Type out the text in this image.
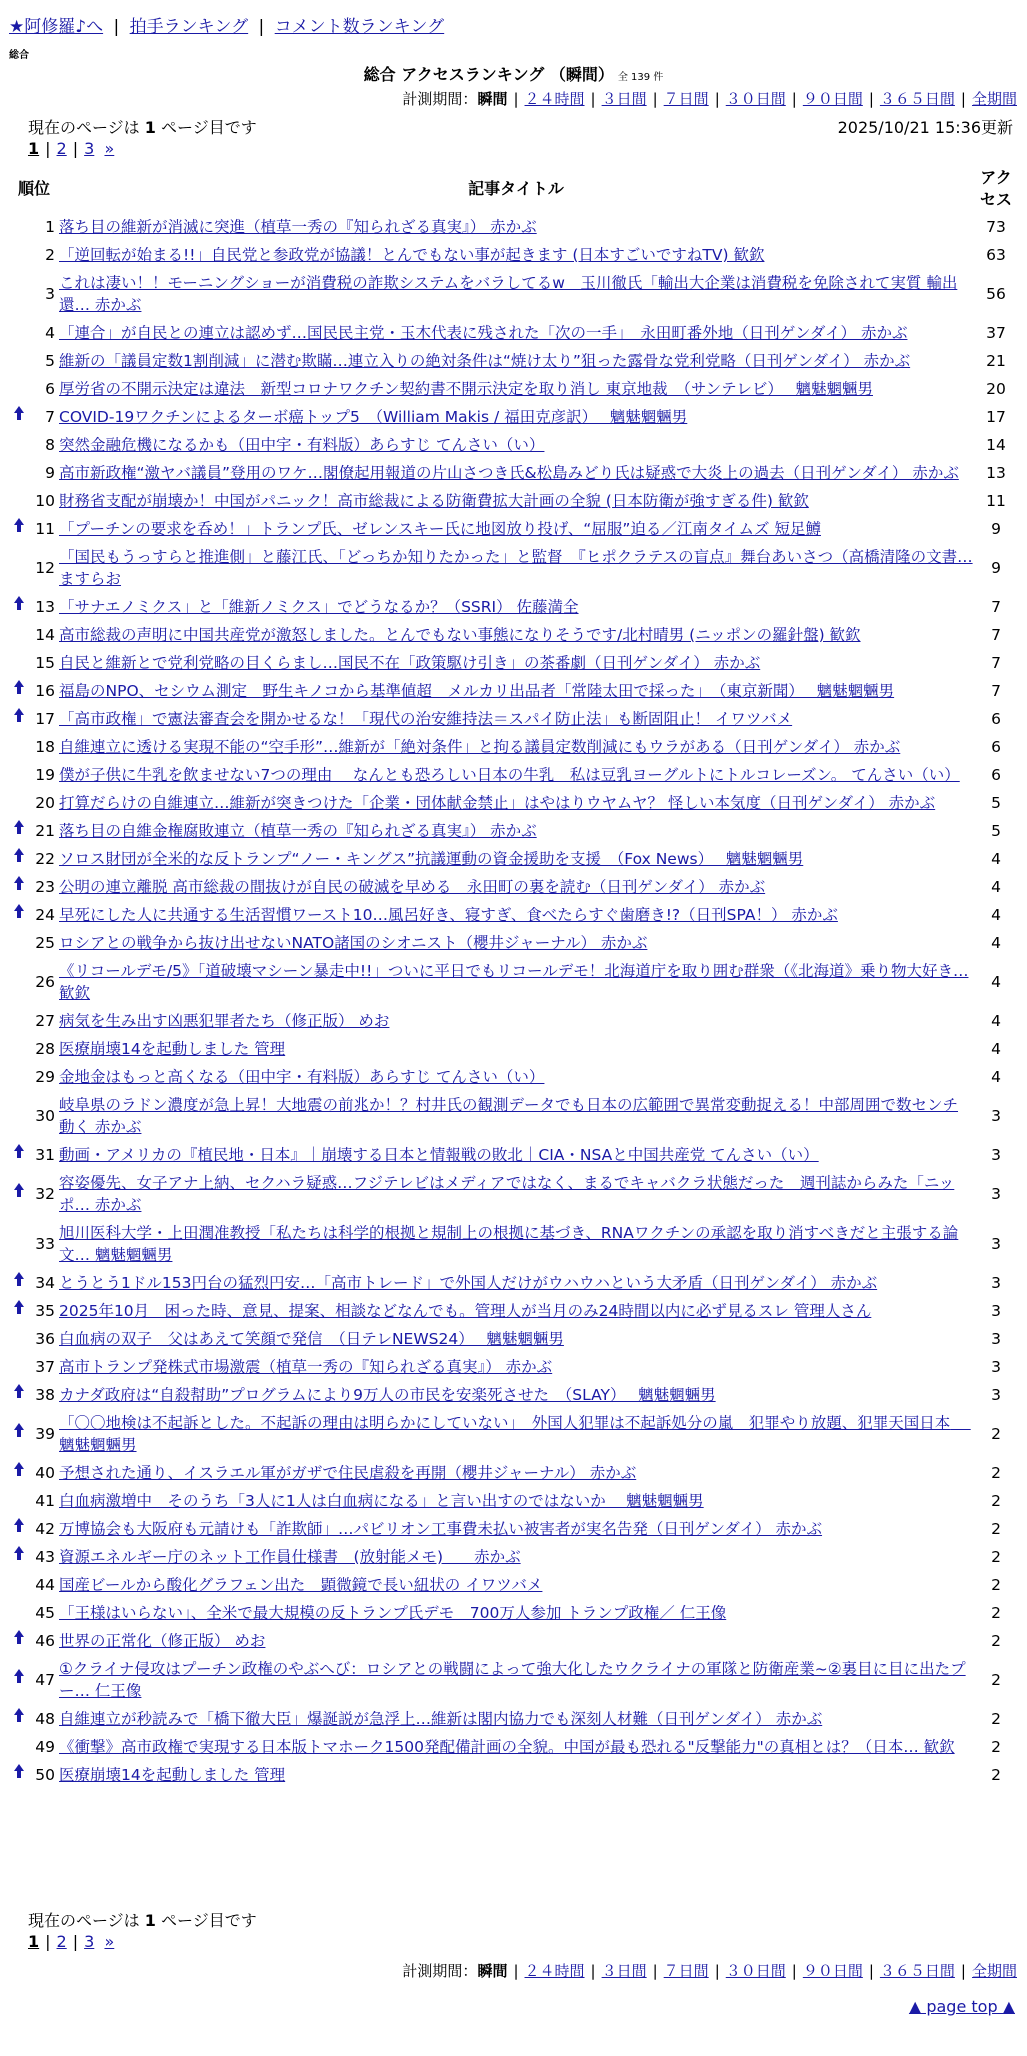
★阿修羅♪へ | 拍手ランキング | コメント数ランキング
総合
総合 アクセスランキング （瞬間） 全 139 件
計測期間：瞬間 | ２４時間 | ３日間 | ７日間 | ３０日間 | ９０日間 | ３６５日間 | 全期間
現在のページは 1 ページ目です	2025/10/21 15:36更新
1 | 2 | 3 »
順位		記事タイトル	アクセス
	1	落ち目の維新が消滅に突進（植草一秀の『知られざる真実』） 赤かぶ	73
	2	「逆回転が始まる!!」自民党と参政党が協議！とんでもない事が起きます (日本すごいですねTV) 歓欽	63
	3	これは凄い！！モーニングショーが消費税の詐欺システムをバラしてるw　玉川徹氏「輸出大企業は消費税を免除されて実質 輸出還… 赤かぶ	56
	4	「連合」が自民との連立は認めず…国民民主党・玉木代表に残された「次の一手」　永田町番外地（日刊ゲンダイ） 赤かぶ	37
	5	維新の「議員定数1割削減」に潜む欺瞞…連立入りの絶対条件は“焼け太り”狙った露骨な党利党略（日刊ゲンダイ） 赤かぶ	21
	6	厚労省の不開示決定は違法　新型コロナワクチン契約書不開示決定を取り消し 東京地裁　（サンテレビ）　 魑魅魍魎男	20
	7	COVID-19ワクチンによるターボ癌トップ5　（William Makis / 福田克彦訳）　 魑魅魍魎男	17
	8	突然金融危機になるかも（田中宇・有料版）あらすじ てんさい（い）	14
	9	高市新政権“激ヤバ議員”登用のワケ…閣僚起用報道の片山さつき氏&松島みどり氏は疑惑で大炎上の過去（日刊ゲンダイ） 赤かぶ	13
	10	財務省支配が崩壊か！中国がパニック！高市総裁による防衛費拡大計画の全貌 (日本防衛が強すぎる件) 歓欽	11
	11	「プーチンの要求を呑め！」トランプ氏、ゼレンスキー氏に地図放り投げ、“屈服”迫る／江南タイムズ 短足鱒	9
	12	「国民もうっすらと推進側」と藤江氏、「どっちか知りたかった」と監督　『ヒポクラテスの盲点』舞台あいさつ（高橋清隆の文書… ますらお	9
	13	「サナエノミクス」と「維新ノミクス」でどうなるか？（SSRI） 佐藤満全	7
	14	高市総裁の声明に中国共産党が激怒しました。とんでもない事態になりそうです/北村晴男 (ニッポンの羅針盤) 歓欽	7
	15	自民と維新とで党利党略の目くらまし…国民不在「政策駆け引き」の茶番劇（日刊ゲンダイ） 赤かぶ	7
	16	福島のNPO、セシウム測定　野生キノコから基準値超　メルカリ出品者「常陸太田で採った」　（東京新聞）　 魑魅魍魎男	7
	17	「高市政権」で憲法審査会を開かせるな！「現代の治安維持法＝スパイ防止法」も断固阻止！ イワツバメ	6
	18	自維連立に透ける実現不能の“空手形”…維新が「絶対条件」と拘る議員定数削減にもウラがある（日刊ゲンダイ） 赤かぶ	6
	19	僕が子供に牛乳を飲ませない7つの理由　 なんとも恐ろしい日本の牛乳　私は豆乳ヨーグルトにトルコレーズン。 てんさい（い）	6
	20	打算だらけの自維連立…維新が突きつけた「企業・団体献金禁止」はやはりウヤムヤ？ 怪しい本気度（日刊ゲンダイ） 赤かぶ	5
	21	落ち目の自維金権腐敗連立（植草一秀の『知られざる真実』） 赤かぶ	5
	22	ソロス財団が全米的な反トランプ“ノー・キングス”抗議運動の資金援助を支援　（Fox News）　 魑魅魍魎男	4
	23	公明の連立離脱 高市総裁の間抜けが自民の破滅を早める　永田町の裏を読む（日刊ゲンダイ） 赤かぶ	4
	24	早死にした人に共通する生活習慣ワースト10…風呂好き、寝すぎ、食べたらすぐ歯磨き!?（日刊SPA！） 赤かぶ	4
	25	ロシアとの戦争から抜け出せないNATO諸国のシオニスト（櫻井ジャーナル） 赤かぶ	4
	26	《リコールデモ/5》「道破壊マシーン暴走中!!」ついに平日でもリコールデモ！北海道庁を取り囲む群衆（《北海道》乗り物大好き… 歓欽	4
	27	病気を生み出す凶悪犯罪者たち（修正版） めお	4
	28	医療崩壊14を起動しました 管理	4
	29	金地金はもっと高くなる（田中宇・有料版）あらすじ てんさい（い）	4
	30	岐阜県のラドン濃度が急上昇！大地震の前兆か！？村井氏の観測データでも日本の広範囲で異常変動捉える！中部周囲で数センチ動く 赤かぶ	3
	31	動画・アメリカの『植民地・日本』｜崩壊する日本と情報戦の敗北｜CIA・NSAと中国共産党 てんさい（い）	3
	32	容姿優先、女子アナ上納、セクハラ疑惑…フジテレビはメディアではなく、まるでキャバクラ状態だった　週刊誌からみた「ニッポ… 赤かぶ	3
	33	旭川医科大学・上田潤准教授「私たちは科学的根拠と規制上の根拠に基づき、RNAワクチンの承認を取り消すべきだと主張する論文… 魑魅魍魎男	3
	34	とうとう1ドル153円台の猛烈円安…「高市トレード」で外国人だけがウハウハという大矛盾（日刊ゲンダイ） 赤かぶ	3
	35	2025年10月　困った時、意見、提案、相談などなんでも。管理人が当月のみ24時間以内に必ず見るスレ 管理人さん	3
	36	白血病の双子　父はあえて笑顔で発信　（日テレNEWS24）　 魑魅魍魎男	3
	37	高市トランプ発株式市場激震（植草一秀の『知られざる真実』） 赤かぶ	3
	38	カナダ政府は“自殺幇助”プログラムにより9万人の市民を安楽死させた　（SLAY）　 魑魅魍魎男	3
	39	「〇〇地検は不起訴とした。不起訴の理由は明らかにしていない」　外国人犯罪は不起訴処分の嵐　犯罪やり放題、犯罪天国日本　 魑魅魍魎男	2
	40	予想された通り、イスラエル軍がガザで住民虐殺を再開（櫻井ジャーナル） 赤かぶ	2
	41	白血病激増中　そのうち「3人に1人は白血病になる」と言い出すのではないか　 魑魅魍魎男	2
	42	万博協会も大阪府も元請けも「詐欺師」…パビリオン工事費未払い被害者が実名告発（日刊ゲンダイ） 赤かぶ	2
	43	資源エネルギー庁のネット工作員仕様書　(放射能メモ)　　赤かぶ	2
	44	国産ビールから酸化グラフェン出た　顕微鏡で長い紐状の イワツバメ	2
	45	「王様はいらない」、全米で最大規模の反トランプ氏デモ　700万人参加 トランプ政権／ 仁王像	2
	46	世界の正常化（修正版） めお	2
	47	①クライナ侵攻はプーチン政権のやぶへび：ロシアとの戦闘によって強大化したウクライナの軍隊と防衛産業~②裏目に目に出たプー… 仁王像	2
	48	自維連立が秒読みで「橋下徹大臣」爆誕説が急浮上…維新は閣内協力でも深刻人材難（日刊ゲンダイ） 赤かぶ	2
	49	《衝撃》高市政権で実現する日本版トマホーク1500発配備計画の全貌。中国が最も恐れる"反撃能力"の真相とは？（日本… 歓欽	2
	50	医療崩壊14を起動しました 管理	2
現在のページは 1 ページ目です
1 | 2 | 3 »
計測期間：瞬間 | ２４時間 | ３日間 | ７日間 | ３０日間 | ９０日間 | ３６５日間 | 全期間
▲ page top ▲
